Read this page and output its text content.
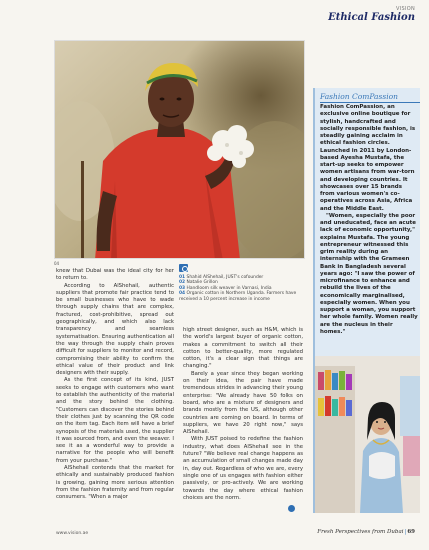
VISION
Ethical Fashion
04

knew that Dubai was the ideal city for her to return to.

According to AlShehail, authentic suppliers that promote fair practice tend to be small businesses who have to wade through supply chains that are complex, fractured, cost-prohibitive, spread out geographically, and which also lack transparency and seamless systematisation. Ensuring authentication all the way through the supply chain proves difficult for suppliers to monitor and record, compromising their ability to confirm the ethical value of their product and link designers with their supply.

As the first concept of its kind, JUST seeks to engage with customers who want to establish the authenticity of the material and the story behind the clothing. "Customers can discover the stories behind their clothes just by scanning the QR code on the item tag. Each item will have a brief synopsis of the materials used, the supplier it was sourced from, and even the weaver. I see it as a wonderful way to provide a narrative for the people who will benefit from your purchase."

AlShehail contends that the market for ethically and sustainably produced fashion is growing, gaining more serious attention from the fashion fraternity and from regular consumers. "When a major

01 Shahid AlShehail, JUST's cofounder
02 Natalie Grillon
03 Handloom silk weaver in Varnasi, India
04 Organic cotton in Northern Uganda. Farmers have received a 10 percent increase in income

high street designer, such as H&M, which is the world's largest buyer of organic cotton, makes a commitment to switch all their cotton to better-quality, more regulated cotton, it's a clear sign that things are changing."

Barely a year since they began working on their idea, the pair have made tremendous strides in advancing their young enterprise: "We already have 50 folks on board, who are a mixture of designers and brands mostly from the US, although other countries are coming on board. In terms of suppliers, we have 20 right now," says AlShehail.

With JUST poised to redefine the fashion industry, what does AlShehail see in the future? "We believe real change happens as an accumulation of small changes made day in, day out. Regardless of who we are, every single one of us engages with fashion either passively, or pro-actively. We are working towards the day where ethical fashion choices are the norm.

Fashion ComPassion

Fashion ComPassion, an exclusive online boutique for stylish, handcrafted and socially responsible fashion, is steadily gaining acclaim in ethical fashion circles. Launched in 2011 by London-based Ayesha Mustafa, the start-up seeks to empower women artisans from war-torn and developing countries. It showcases over 15 brands from various women's co-operatives across Asia, Africa and the Middle East.

"Women, especially the poor and uneducated, face an acute lack of economic opportunity," explains Mustafa. The young entrepreneur witnessed this grim reality during an internship with the Grameen Bank in Bangladesh several years ago: "I saw the power of microfinance to enhance and rebuild the lives of the economically marginalised, especially women. When you support a woman, you support her whole family. Women really are the nucleus in their homes."

www.vision.ae	Fresh Perspectives from Dubai|69
